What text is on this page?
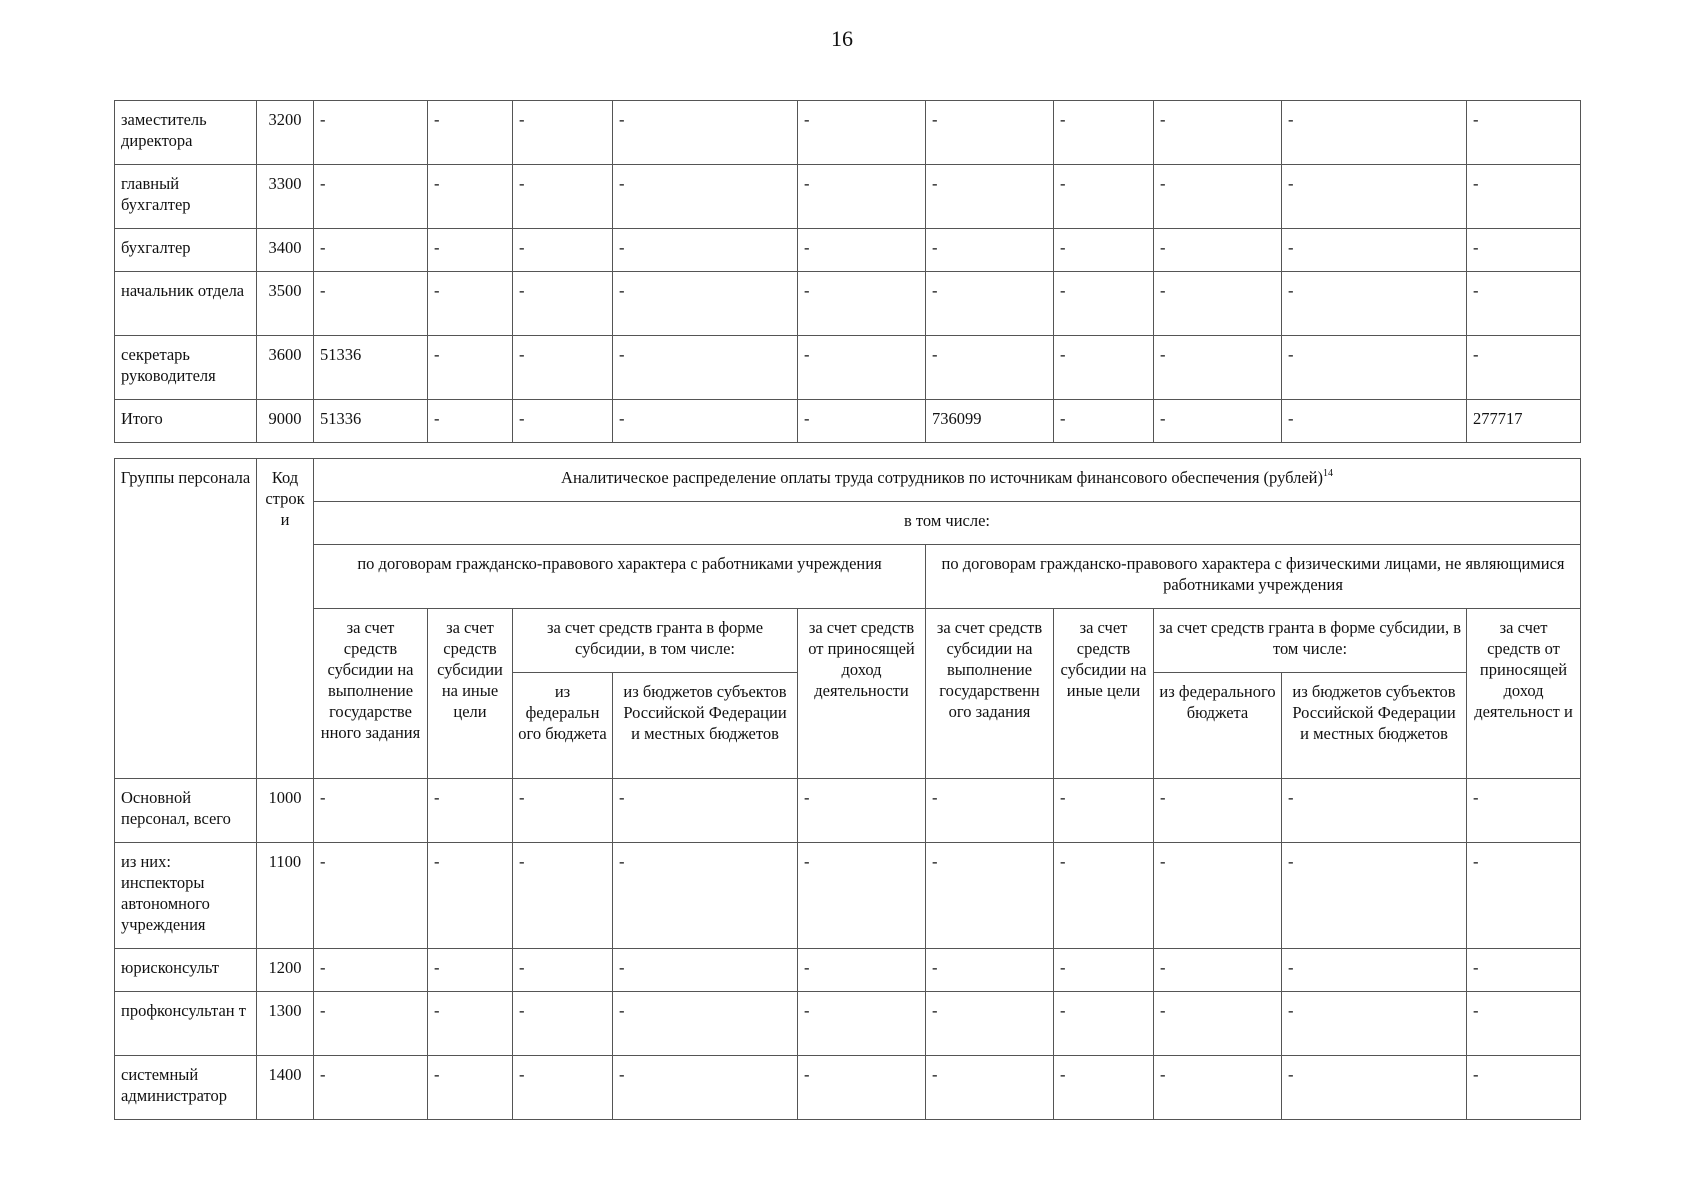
16
заместитель директора	3200	-	-	-	-	-	-	-	-	-	-
главный бухгалтер	3300	-	-	-	-	-	-	-	-	-	-
бухгалтер	3400	-	-	-	-	-	-	-	-	-	-
начальник отдела	3500	-	-	-	-	-	-	-	-	-	-
секретарь руководителя	3600	51336	-	-	-	-	-	-	-	-	-
Итого	9000	51336	-	-	-	-	736099	-	-	-	277717
Группы персонала	Код строк и	Аналитическое распределение оплаты труда сотрудников по источникам финансового обеспечения (рублей)$^{14}$
		в том числе:									
		по договорам гражданско-правового характера с работниками учреждения					по договорам гражданско-правового характера с физическими лицами, не являющимися работниками учреждения				
		за счет средств субсидии на выполнение государстве нного задания	за счет средств субсидии на иные цели	за счет средств гранта в форме субсидии, в том числе:		за счет средств от приносящей доход деятельности	за счет средств субсидии на выполнение государственн ого задания	за счет средств субсидии на иные цели	за счет средств гранта в форме субсидии, в том числе:		за счет средств от приносящей доход деятельност и
				из федеральн ого бюджета	из бюджетов субъектов Российской Федерации и местных бюджетов				из федерального бюджета	из бюджетов субъектов Российской Федерации и местных бюджетов	
Основной персонал, всего	1000	-	-	-	-	-	-	-	-	-	-
из них: инспекторы автономного учреждения	1100	-	-	-	-	-	-	-	-	-	-
юрисконсульт	1200	-	-	-	-	-	-	-	-	-	-
профконсультан т	1300	-	-	-	-	-	-	-	-	-	-
системный администратор	1400	-	-	-	-	-	-	-	-	-	-
